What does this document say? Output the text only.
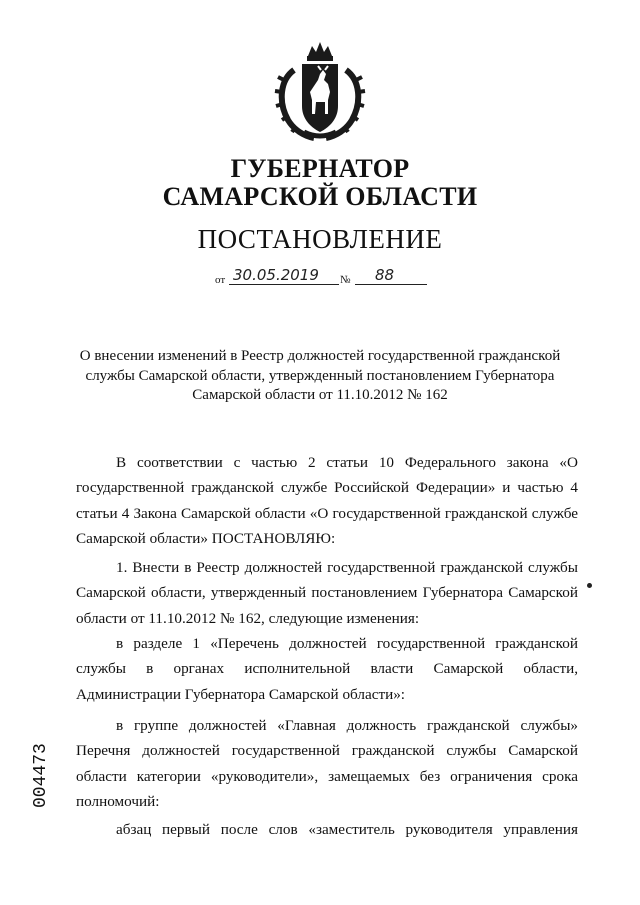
ГУБЕРНАТОР
САМАРСКОЙ ОБЛАСТИ
ПОСТАНОВЛЕНИЕ
от 30.05.2019 № 88
О внесении изменений в Реестр должностей государственной гражданской службы Самарской области, утвержденный постановлением Губернатора Самарской области от 11.10.2012 № 162
В соответствии с частью 2 статьи 10 Федерального закона «О государственной гражданской службе Российской Федерации» и частью 4 статьи 4 Закона Самарской области «О государственной гражданской службе Самарской области» ПОСТАНОВЛЯЮ:
1. Внести в Реестр должностей государственной гражданской службы Самарской области, утвержденный постановлением Губернатора Самарской области от 11.10.2012 № 162, следующие изменения:
в разделе 1 «Перечень должностей государственной гражданской службы в органах исполнительной власти Самарской области, Администрации Губернатора Самарской области»:
в группе должностей «Главная должность гражданской службы» Перечня должностей государственной гражданской службы Самарской области категории «руководители», замещаемых без ограничения срока полномочий:
абзац первый после слов «заместитель руководителя управления
004473
